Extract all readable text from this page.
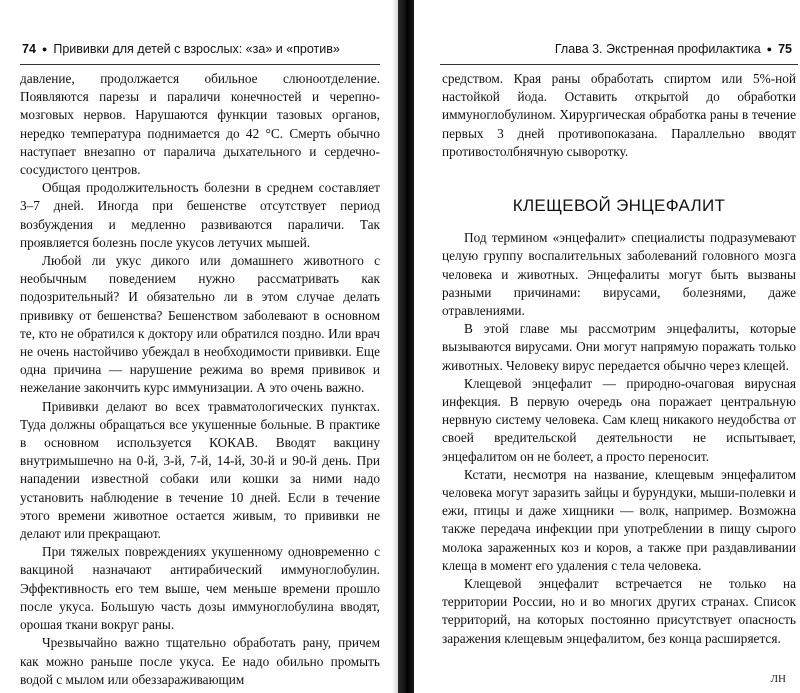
74 ● Прививки для детей с взрослых: «за» и «против»

давление, продолжается обильное слюноотделение. Появляются парезы и параличи конечностей и черепно-мозговых нервов. Нарушаются функции тазовых органов, нередко температура поднимается до 42 °С. Смерть обычно наступает внезапно от паралича дыхательного и сердечно-сосудистого центров.

Общая продолжительность болезни в среднем составляет 3–7 дней. Иногда при бешенстве отсутствует период возбуждения и медленно развиваются параличи. Так проявляется болезнь после укусов летучих мышей.

Любой ли укус дикого или домашнего животного с необычным поведением нужно рассматривать как подозрительный? И обязательно ли в этом случае делать прививку от бешенства? Бешенством заболевают в основном те, кто не обратился к доктору или обратился поздно. Или врач не очень настойчиво убеждал в необходимости прививки. Еще одна причина — нарушение режима во время прививок и нежелание закончить курс иммунизации. А это очень важно.

Прививки делают во всех травматологических пунктах. Туда должны обращаться все укушенные больные. В практике в основном используется КОКАВ. Вводят вакцину внутримышечно на 0-й, 3-й, 7-й, 14-й, 30-й и 90-й день. При нападении известной собаки или кошки за ними надо установить наблюдение в течение 10 дней. Если в течение этого времени животное остается живым, то прививки не делают или прекращают.

При тяжелых повреждениях укушенному одновременно с вакциной назначают антирабический иммуноглобулин. Эффективность его тем выше, чем меньше времени прошло после укуса. Большую часть дозы иммуноглобулина вводят, орошая ткани вокруг раны.

Чрезвычайно важно тщательно обработать рану, причем как можно раньше после укуса. Ее надо обильно промыть водой с мылом или обеззараживающим

Глава 3. Экстренная профилактика ● 75

средством. Края раны обработать спиртом или 5%-ной настойкой йода. Оставить открытой до обработки иммуноглобулином. Хирургическая обработка раны в течение первых 3 дней противопоказана. Параллельно вводят противостолбнячную сыворотку.

КЛЕЩЕВОЙ ЭНЦЕФАЛИТ

Под термином «энцефалит» специалисты подразумевают целую группу воспалительных заболеваний головного мозга человека и животных. Энцефалиты могут быть вызваны разными причинами: вирусами, болезнями, даже отравлениями.

В этой главе мы рассмотрим энцефалиты, которые вызываются вирусами. Они могут напрямую поражать только животных. Человеку вирус передается обычно через клещей.

Клещевой энцефалит — природно-очаговая вирусная инфекция. В первую очередь она поражает центральную нервную систему человека. Сам клещ никакого неудобства от своей вредительской деятельности не испытывает, энцефалитом он не болеет, а просто переносит.

Кстати, несмотря на название, клещевым энцефалитом человека могут заразить зайцы и бурундуки, мыши-полевки и ежи, птицы и даже хищники — волк, например. Возможна также передача инфекции при употреблении в пищу сырого молока зараженных коз и коров, а также при раздавливании клеща в момент его удаления с тела человека.

Клещевой энцефалит встречается не только на территории России, но и во многих других странах. Список территорий, на которых постоянно присутствует опасность заражения клещевым энцефалитом, без конца расширяется.

ЛН
